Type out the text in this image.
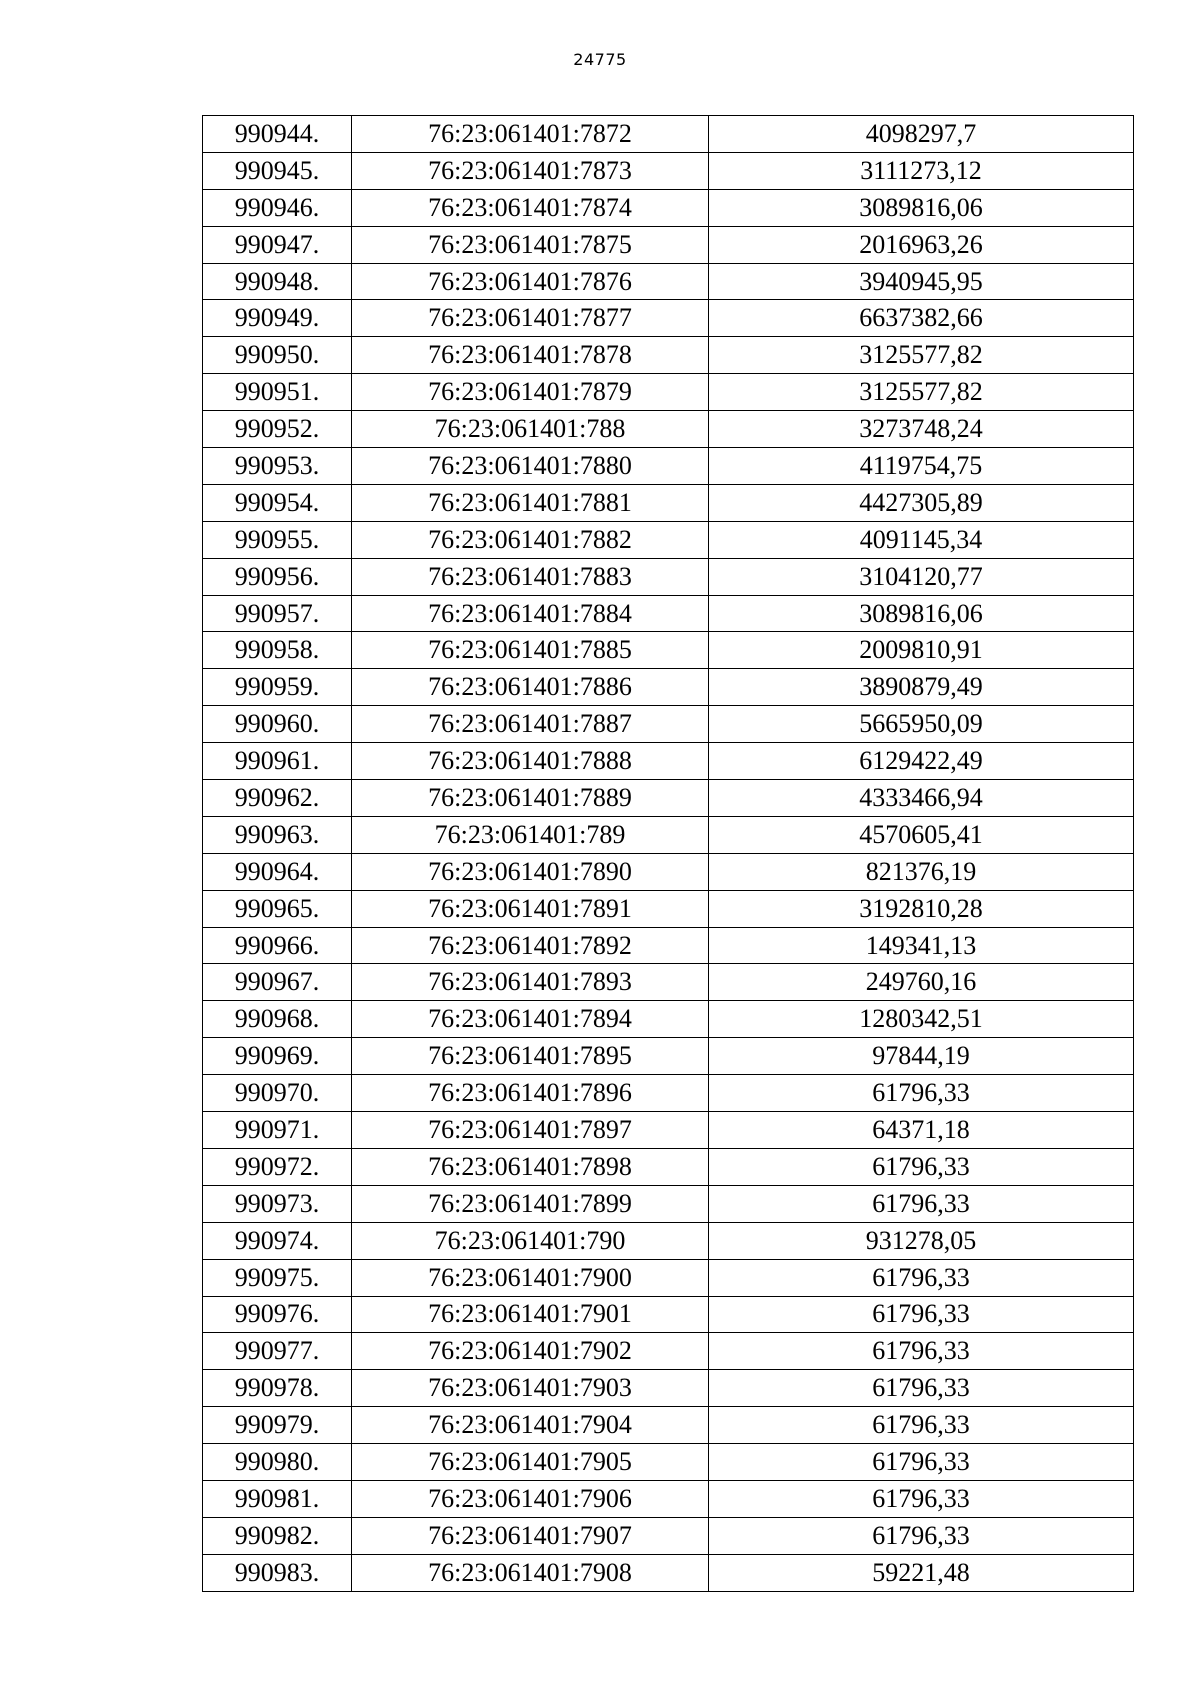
24775
990944.	76:23:061401:7872	4098297,7
990945.	76:23:061401:7873	3111273,12
990946.	76:23:061401:7874	3089816,06
990947.	76:23:061401:7875	2016963,26
990948.	76:23:061401:7876	3940945,95
990949.	76:23:061401:7877	6637382,66
990950.	76:23:061401:7878	3125577,82
990951.	76:23:061401:7879	3125577,82
990952.	76:23:061401:788	3273748,24
990953.	76:23:061401:7880	4119754,75
990954.	76:23:061401:7881	4427305,89
990955.	76:23:061401:7882	4091145,34
990956.	76:23:061401:7883	3104120,77
990957.	76:23:061401:7884	3089816,06
990958.	76:23:061401:7885	2009810,91
990959.	76:23:061401:7886	3890879,49
990960.	76:23:061401:7887	5665950,09
990961.	76:23:061401:7888	6129422,49
990962.	76:23:061401:7889	4333466,94
990963.	76:23:061401:789	4570605,41
990964.	76:23:061401:7890	821376,19
990965.	76:23:061401:7891	3192810,28
990966.	76:23:061401:7892	149341,13
990967.	76:23:061401:7893	249760,16
990968.	76:23:061401:7894	1280342,51
990969.	76:23:061401:7895	97844,19
990970.	76:23:061401:7896	61796,33
990971.	76:23:061401:7897	64371,18
990972.	76:23:061401:7898	61796,33
990973.	76:23:061401:7899	61796,33
990974.	76:23:061401:790	931278,05
990975.	76:23:061401:7900	61796,33
990976.	76:23:061401:7901	61796,33
990977.	76:23:061401:7902	61796,33
990978.	76:23:061401:7903	61796,33
990979.	76:23:061401:7904	61796,33
990980.	76:23:061401:7905	61796,33
990981.	76:23:061401:7906	61796,33
990982.	76:23:061401:7907	61796,33
990983.	76:23:061401:7908	59221,48
